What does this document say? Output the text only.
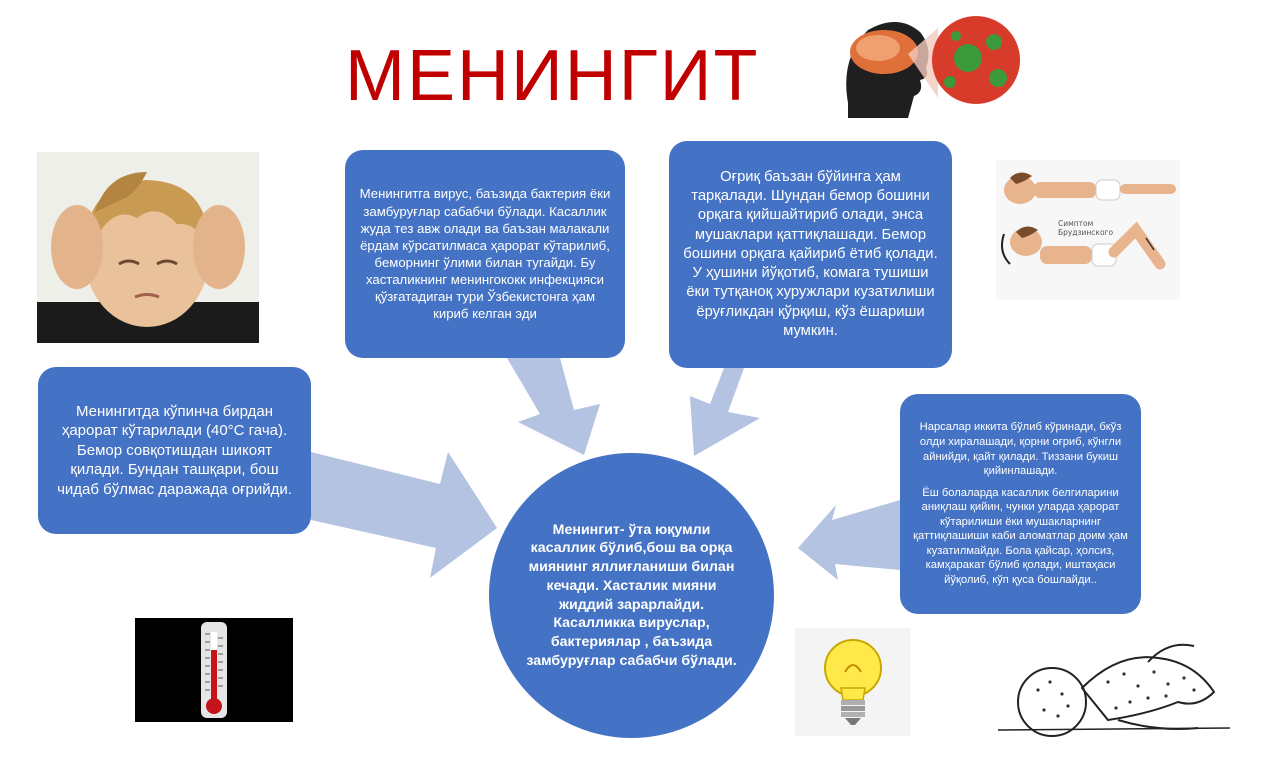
МЕНИНГИТ
Менингитга вирус, баъзида бактерия ёки замбуруғлар сабабчи бўлади. Касаллик жуда тез авж олади ва баъзан малакали ёрдам кўрсатилмаса ҳарорат кўтарилиб, беморнинг ўлими билан тугайди. Бу хасталикнинг менингококк инфекцияси қўзғатадиган тури Ўзбекистонга ҳам кириб келган эди
Оғриқ баъзан бўйинга ҳам тарқалади. Шундан бемор бошини орқага қийшайтириб олади, энса мушаклари қаттиқлашади. Бемор бошини орқага қайириб ётиб қолади. У ҳушини йўқотиб, комага тушиши ёки тутқаноқ хуружлари кузатилиши ёруғликдан қўрқиш, кўз ёшариши мумкин.
Менингитда кўпинча бирдан ҳарорат кўтарилади (40°С гача). Бемор совқотишдан шикоят қилади. Бундан ташқари, бош чидаб бўлмас даражада оғрийди.
Нарсалар иккита бўлиб кўринади, бкўз олди хиралашади, қорни оғриб, кўнгли айнийди, қайт қилади. Тиззани букиш қийинлашади.
Ёш болаларда касаллик белгиларини аниқлаш қийин, чунки уларда ҳарорат кўтарилиши ёки мушакларнинг қаттиқлашиши каби аломатлар доим ҳам кузатилмайди. Бола қайсар, ҳолсиз, камҳаракат бўлиб қолади, иштаҳаси йўқолиб, кўп қуса бошлайди..
Менингит- ўта юқумли касаллик бўлиб,бош ва орқа миянинг яллиғланиши билан кечади. Хасталик мияни жиддий зарарлайди. Касалликка вируслар, бактериялар , баъзида замбуруғлар сабабчи бўлади.
Симптом
Брудзинского
